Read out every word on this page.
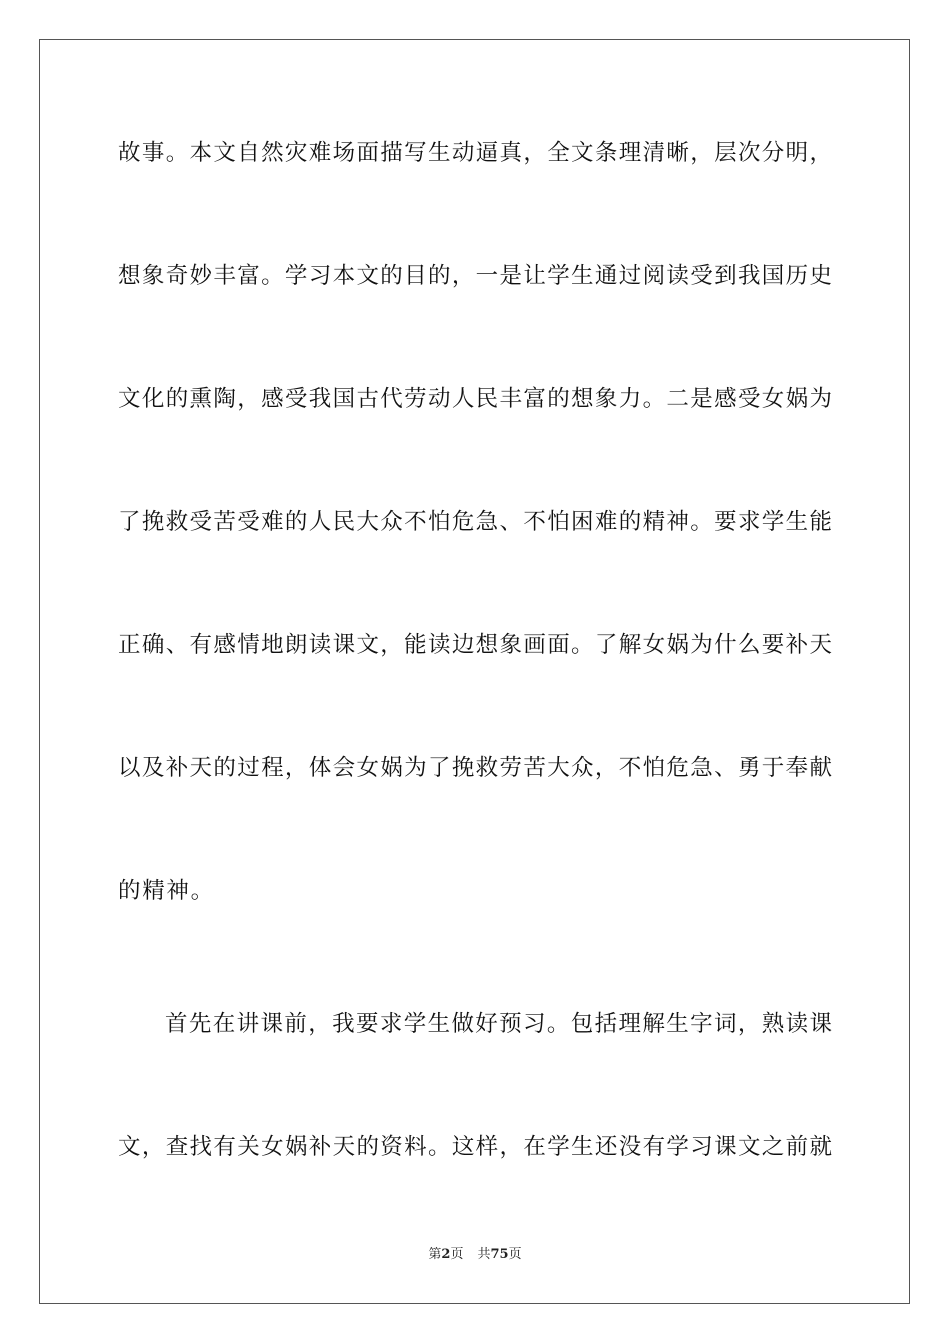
故事。本文自然灾难场面描写生动逼真，全文条理清晰，层次分明，
想象奇妙丰富。学习本文的目的，一是让学生通过阅读受到我国历史
文化的熏陶，感受我国古代劳动人民丰富的想象力。二是感受女娲为
了挽救受苦受难的人民大众不怕危急、不怕困难的精神。要求学生能
正确、有感情地朗读课文，能读边想象画面。了解女娲为什么要补天
以及补天的过程，体会女娲为了挽救劳苦大众，不怕危急、勇于奉献
的精神。
首先在讲课前，我要求学生做好预习。包括理解生字词，熟读课
文，查找有关女娲补天的资料。这样，在学生还没有学习课文之前就
第2页 共75页
